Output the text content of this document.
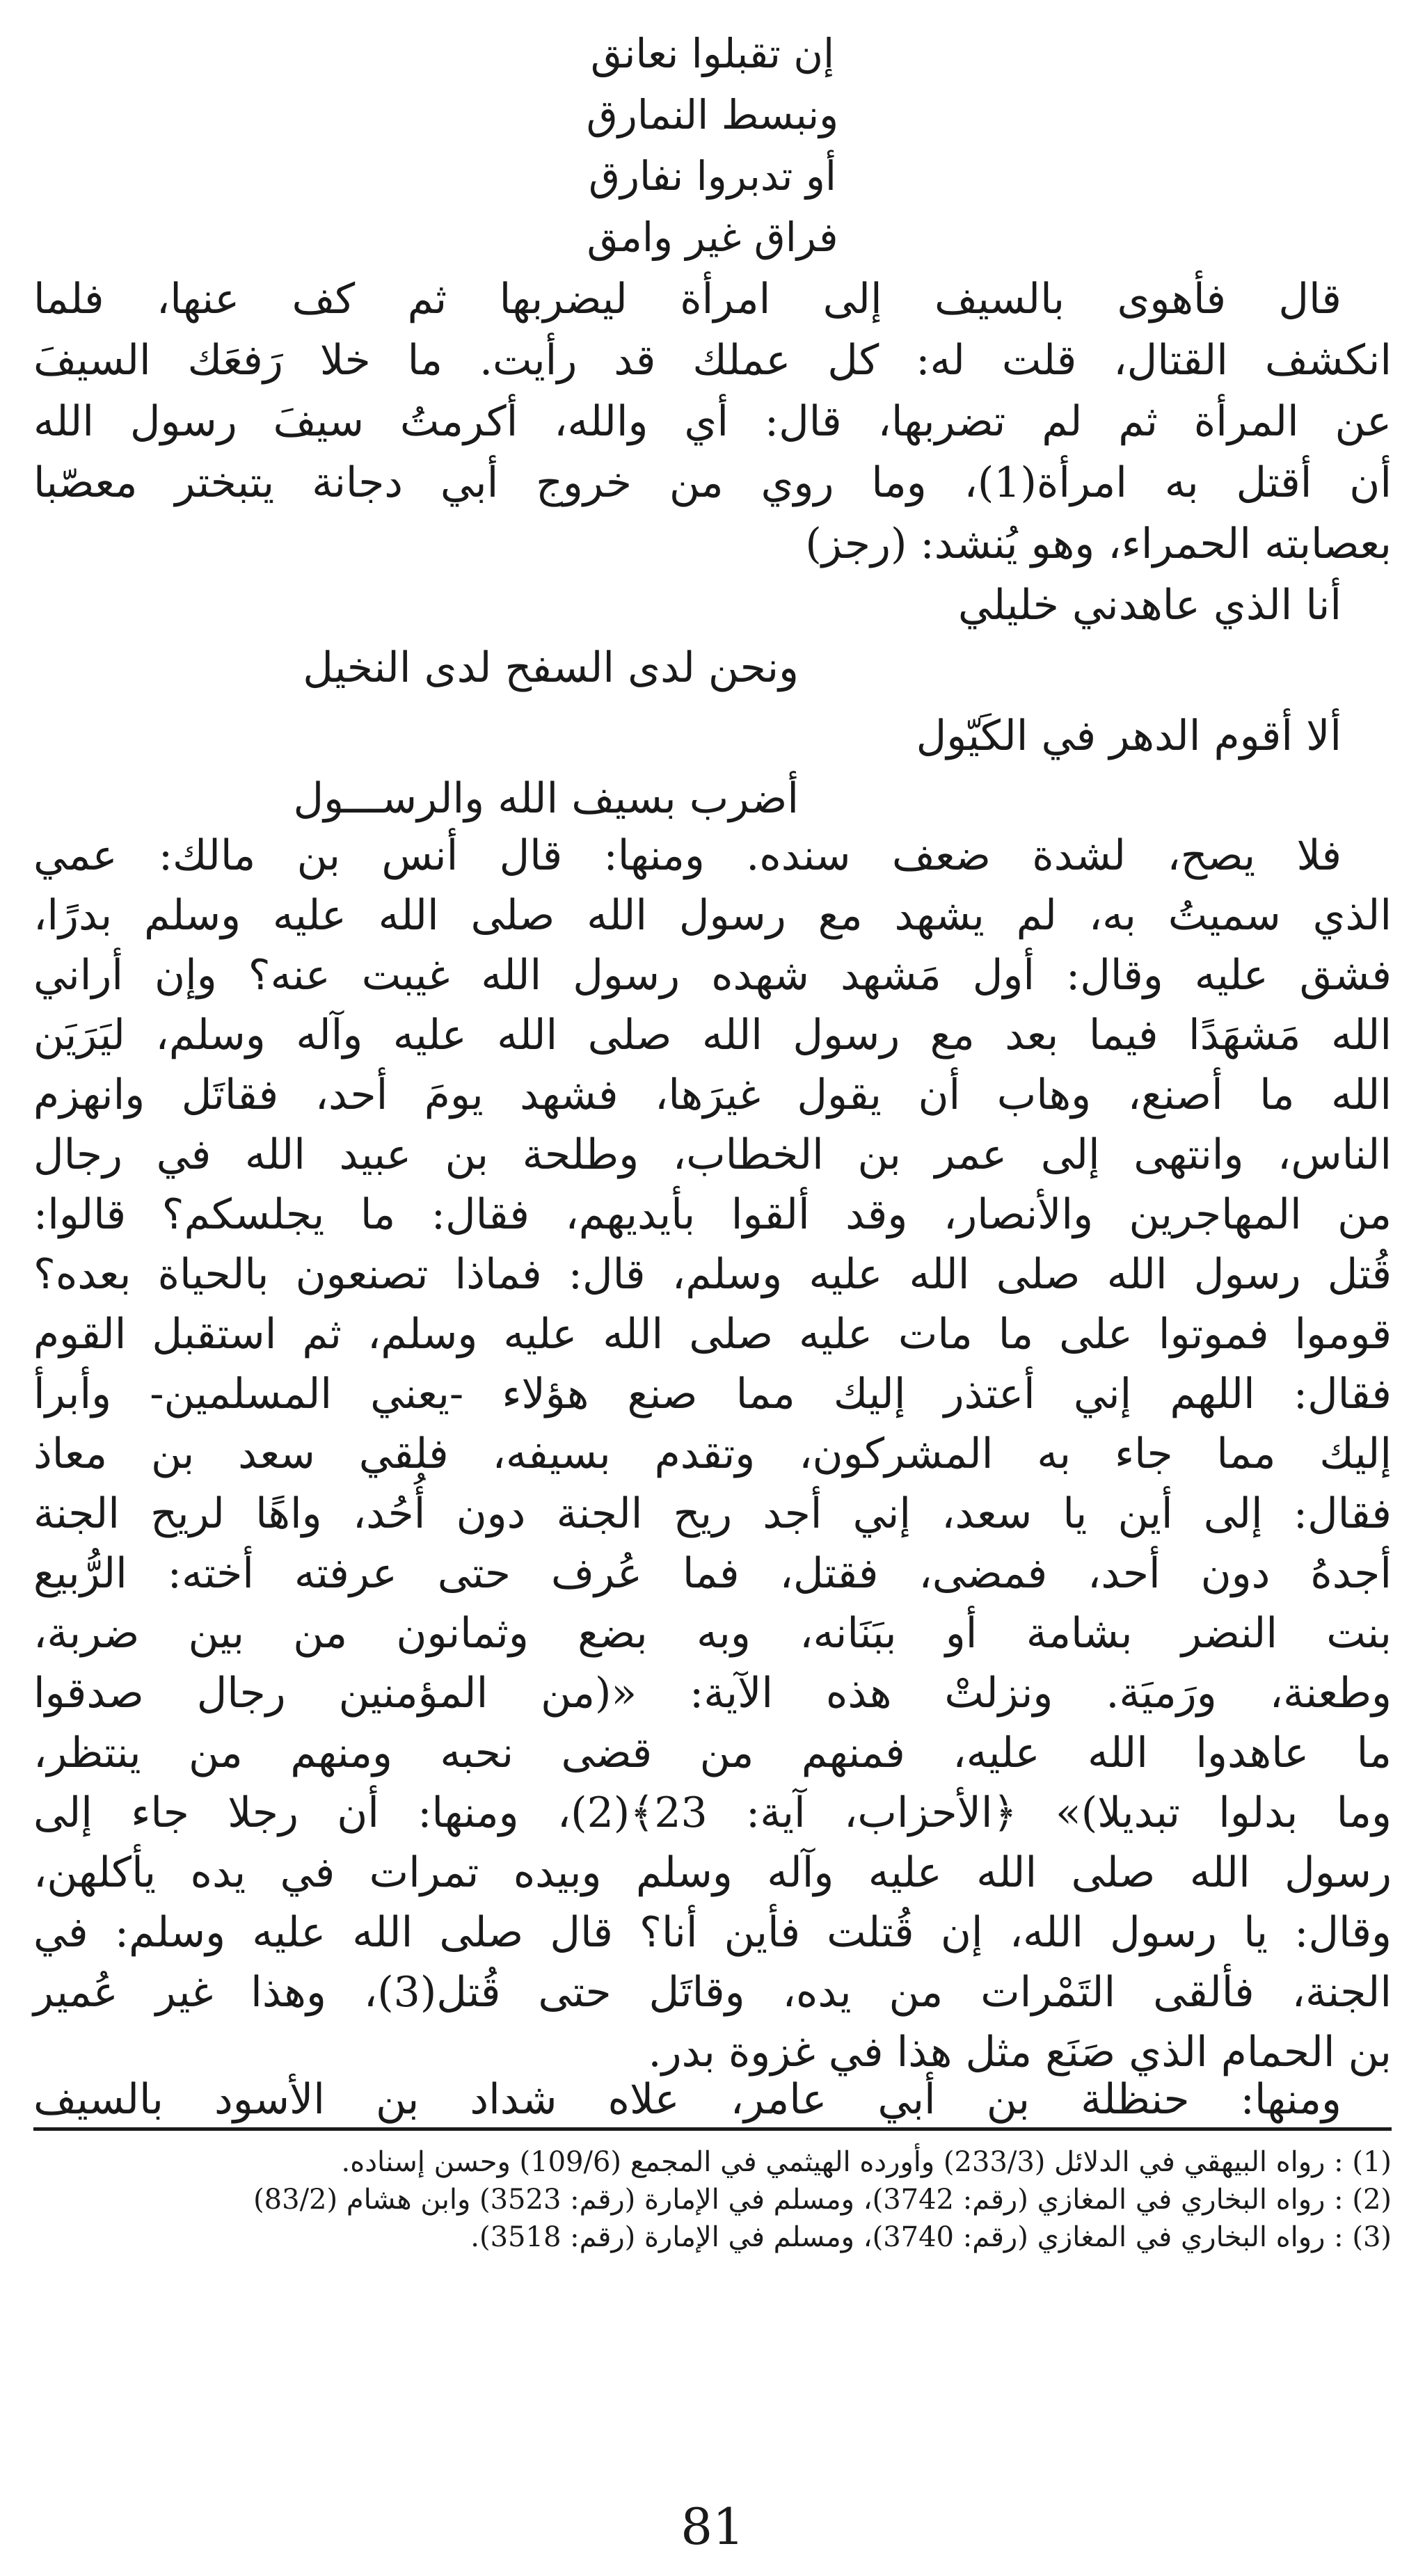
إن تقبلوا نعانق
ونبسط النمارق
أو تدبروا نفارق
فراق غير وامق
قال فأهوى بالسيف إلى امرأة ليضربها ثم كف عنها، فلما
انكشف القتال، قلت له: كل عملك قد رأيت. ما خلا رَفعَك السيفَ
عن المرأة ثم لم تضربها، قال: أي والله، أكرمتُ سيفَ رسول الله
أن أقتل به امرأة(1)، وما روي من خروج أبي دجانة يتبختر معصّبا
بعصابته الحمراء، وهو يُنشد: (رجز)
أنا الذي عاهدني خليلي
ونحن لدى السفح لدى النخيل
ألا أقوم الدهر في الكَيّول
أضرب بسيف الله والرســـول
فلا يصح، لشدة ضعف سنده. ومنها: قال أنس بن مالك: عمي
الذي سميتُ به، لم يشهد مع رسول الله صلى الله عليه وسلم بدرًا،
فشق عليه وقال: أول مَشهد شهده رسول الله غيبت عنه؟ وإن أراني
الله مَشهَدًا فيما بعد مع رسول الله صلى الله عليه وآله وسلم، ليَرَيَن
الله ما أصنع، وهاب أن يقول غيرَها، فشهد يومَ أحد، فقاتَل وانهزم
الناس، وانتهى إلى عمر بن الخطاب، وطلحة بن عبيد الله في رجال
من المهاجرين والأنصار، وقد ألقوا بأيديهم، فقال: ما يجلسكم؟ قالوا:
قُتل رسول الله صلى الله عليه وسلم، قال: فماذا تصنعون بالحياة بعده؟
قوموا فموتوا على ما مات عليه صلى الله عليه وسلم، ثم استقبل القوم
فقال: اللهم إني أعتذر إليك مما صنع هؤلاء -يعني المسلمين- وأبرأ
إليك مما جاء به المشركون، وتقدم بسيفه، فلقي سعد بن معاذ
فقال: إلى أين يا سعد، إني أجد ريح الجنة دون أُحُد، واهًا لريح الجنة
أجدهُ دون أحد، فمضى، فقتل، فما عُرف حتى عرفته أخته: الرُّبيع
بنت النضر بشامة أو ببَنَانه، وبه بضع وثمانون من بين ضربة،
وطعنة، ورَميَة. ونزلتْ هذه الآية: «(من المؤمنين رجال صدقوا
ما عاهدوا الله عليه، فمنهم من قضى نحبه ومنهم من ينتظر،
وما بدلوا تبديلا)» ﴿الأحزاب، آية: 23﴾(2)، ومنها: أن رجلا جاء إلى
رسول الله صلى الله عليه وآله وسلم وبيده تمرات في يده يأكلهن،
وقال: يا رسول الله، إن قُتلت فأين أنا؟ قال صلى الله عليه وسلم: في
الجنة، فألقى التَمْرات من يده، وقاتَل حتى قُتل(3)، وهذا غير عُمير
بن الحمام الذي صَنَع مثل هذا في غزوة بدر.
ومنها: حنظلة بن أبي عامر، علاه شداد بن الأسود بالسيف
(1) : رواه البيهقي في الدلائل (233/3) وأورده الهيثمي في المجمع (109/6) وحسن إسناده.
(2) : رواه البخاري في المغازي (رقم: 3742)، ومسلم في الإمارة (رقم: 3523) وابن هشام (83/2)
(3) : رواه البخاري في المغازي (رقم: 3740)، ومسلم في الإمارة (رقم: 3518).
81
